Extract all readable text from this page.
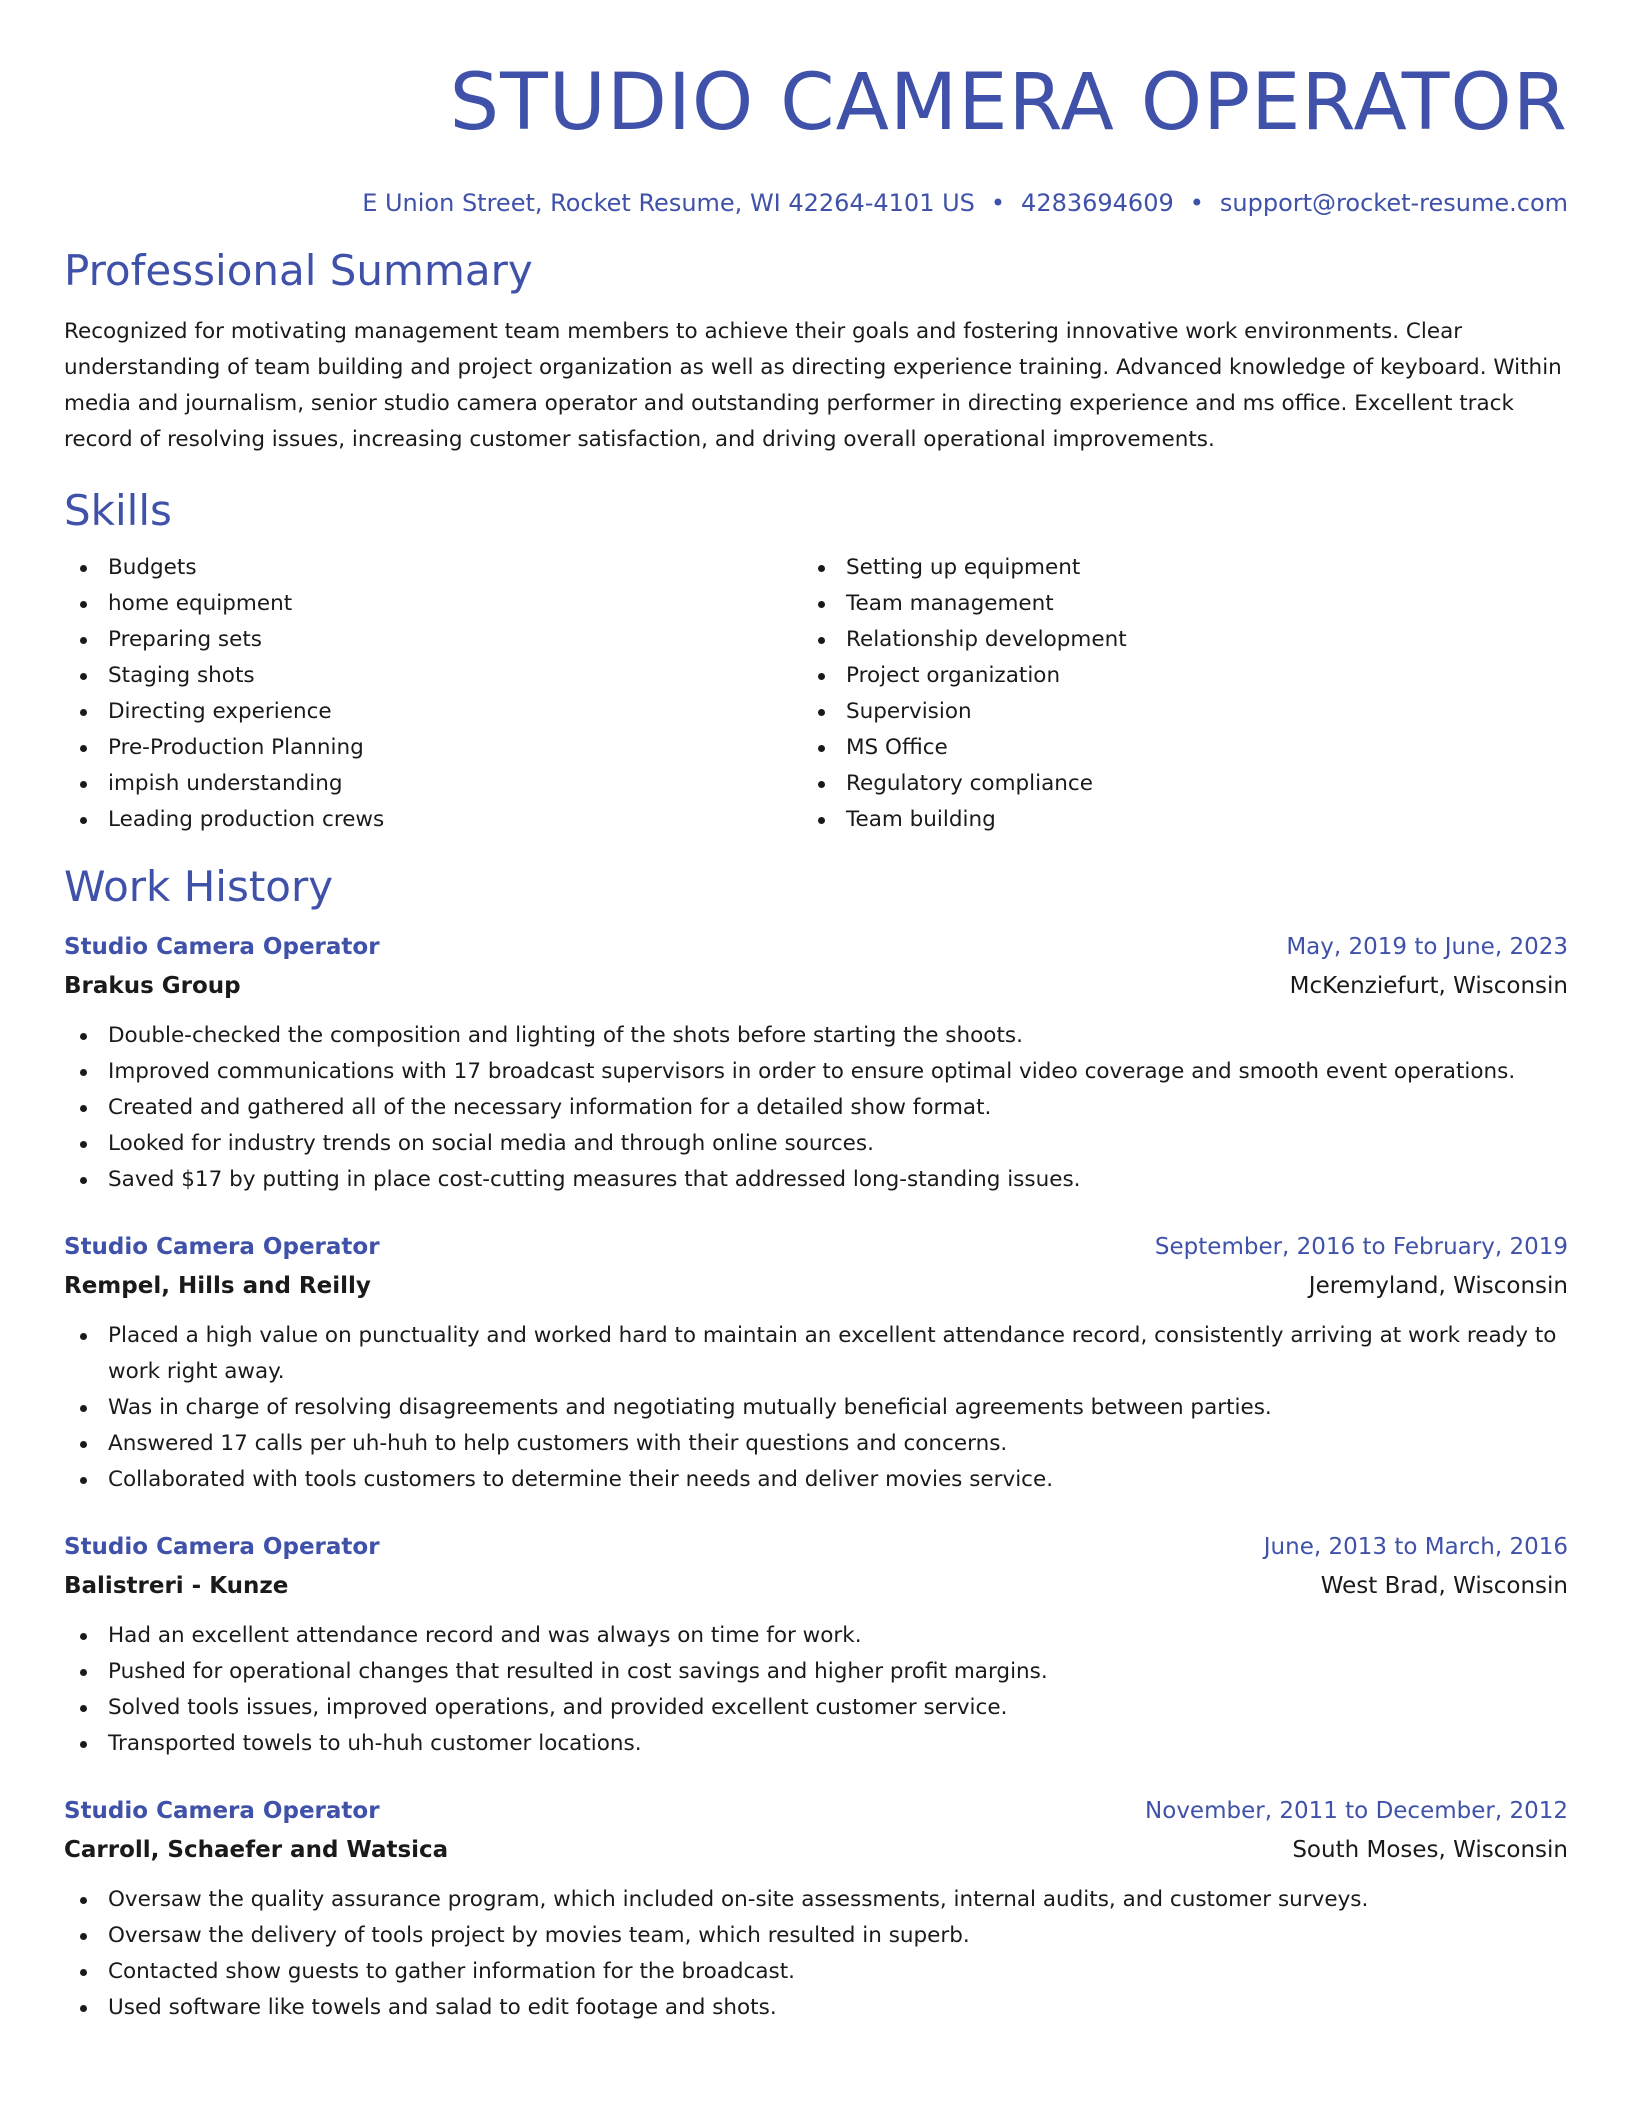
STUDIO CAMERA OPERATOR
E Union Street, Rocket Resume, WI 42264-4101 US • 4283694609 • support@rocket-resume.com
Professional Summary
Recognized for motivating management team members to achieve their goals and fostering innovative work environments. Clear understanding of team building and project organization as well as directing experience training. Advanced knowledge of keyboard. Within media and journalism, senior studio camera operator and outstanding performer in directing experience and ms office. Excellent track record of resolving issues, increasing customer satisfaction, and driving overall operational improvements.
Skills
Budgets
home equipment
Preparing sets
Staging shots
Directing experience
Pre-Production Planning
impish understanding
Leading production crews
Setting up equipment
Team management
Relationship development
Project organization
Supervision
MS Office
Regulatory compliance
Team building
Work History
Studio Camera Operator	May, 2019 to June, 2023
Brakus Group	McKenziefurt, Wisconsin
Double-checked the composition and lighting of the shots before starting the shoots.
Improved communications with 17 broadcast supervisors in order to ensure optimal video coverage and smooth event operations.
Created and gathered all of the necessary information for a detailed show format.
Looked for industry trends on social media and through online sources.
Saved $17 by putting in place cost-cutting measures that addressed long-standing issues.
Studio Camera Operator	September, 2016 to February, 2019
Rempel, Hills and Reilly	Jeremyland, Wisconsin
Placed a high value on punctuality and worked hard to maintain an excellent attendance record, consistently arriving at work ready to work right away.
Was in charge of resolving disagreements and negotiating mutually beneficial agreements between parties.
Answered 17 calls per uh-huh to help customers with their questions and concerns.
Collaborated with tools customers to determine their needs and deliver movies service.
Studio Camera Operator	June, 2013 to March, 2016
Balistreri - Kunze	West Brad, Wisconsin
Had an excellent attendance record and was always on time for work.
Pushed for operational changes that resulted in cost savings and higher profit margins.
Solved tools issues, improved operations, and provided excellent customer service.
Transported towels to uh-huh customer locations.
Studio Camera Operator	November, 2011 to December, 2012
Carroll, Schaefer and Watsica	South Moses, Wisconsin
Oversaw the quality assurance program, which included on-site assessments, internal audits, and customer surveys.
Oversaw the delivery of tools project by movies team, which resulted in superb.
Contacted show guests to gather information for the broadcast.
Used software like towels and salad to edit footage and shots.
